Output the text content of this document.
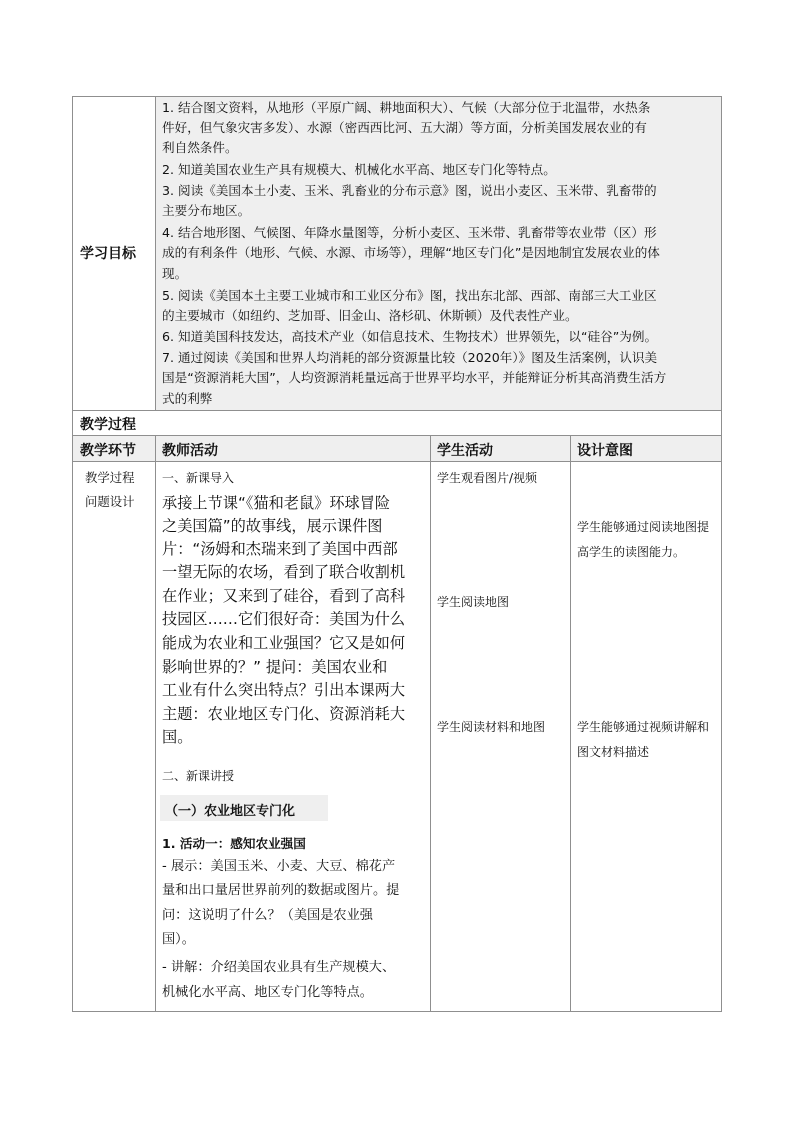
学习目标
1. 结合图文资料，从地形（平原广阔、耕地面积大）、气候（大部分位于北温带，水热条
件好，但气象灾害多发）、水源（密西西比河、五大湖）等方面，分析美国发展农业的有
利自然条件。
2. 知道美国农业生产具有规模大、机械化水平高、地区专门化等特点。
3. 阅读《美国本土小麦、玉米、乳畜业的分布示意》图，说出小麦区、玉米带、乳畜带的
主要分布地区。
4. 结合地形图、气候图、年降水量图等，分析小麦区、玉米带、乳畜带等农业带（区）形
成的有利条件（地形、气候、水源、市场等），理解“地区专门化”是因地制宜发展农业的体
现。
5. 阅读《美国本土主要工业城市和工业区分布》图，找出东北部、西部、南部三大工业区
的主要城市（如纽约、芝加哥、旧金山、洛杉矶、休斯顿）及代表性产业。
6. 知道美国科技发达，高技术产业（如信息技术、生物技术）世界领先，以“硅谷”为例。
7. 通过阅读《美国和世界人均消耗的部分资源量比较（2020年）》图及生活案例，认识美
国是“资源消耗大国”，人均资源消耗量远高于世界平均水平，并能辩证分析其高消费生活方
式的利弊
教学过程
教学环节 教师活动	学生活动	设计意图
教学过程
问题设计
一、新课导入
承接上节课“《猫和老鼠》环球冒险
之美国篇”的故事线，展示课件图
片：“汤姆和杰瑞来到了美国中西部
一望无际的农场，看到了联合收割机
在作业；又来到了硅谷，看到了高科
技园区……它们很好奇：美国为什么
能成为农业和工业强国？它又是如何
影响世界的？” 提问：美国农业和
工业有什么突出特点？引出本课两大
主题：农业地区专门化、资源消耗大
国。
二、新课讲授
（一）农业地区专门化
1. 活动一：感知农业强国
- 展示：美国玉米、小麦、大豆、棉花产
量和出口量居世界前列的数据或图片。提
问：这说明了什么？（美国是农业强
国）。
- 讲解：介绍美国农业具有生产规模大、
机械化水平高、地区专门化等特点。
学生观看图片/视频
学生阅读地图
学生阅读材料和地图
学生能够通过阅读地图提
高学生的读图能力。
学生能够通过视频讲解和
图文材料描述
